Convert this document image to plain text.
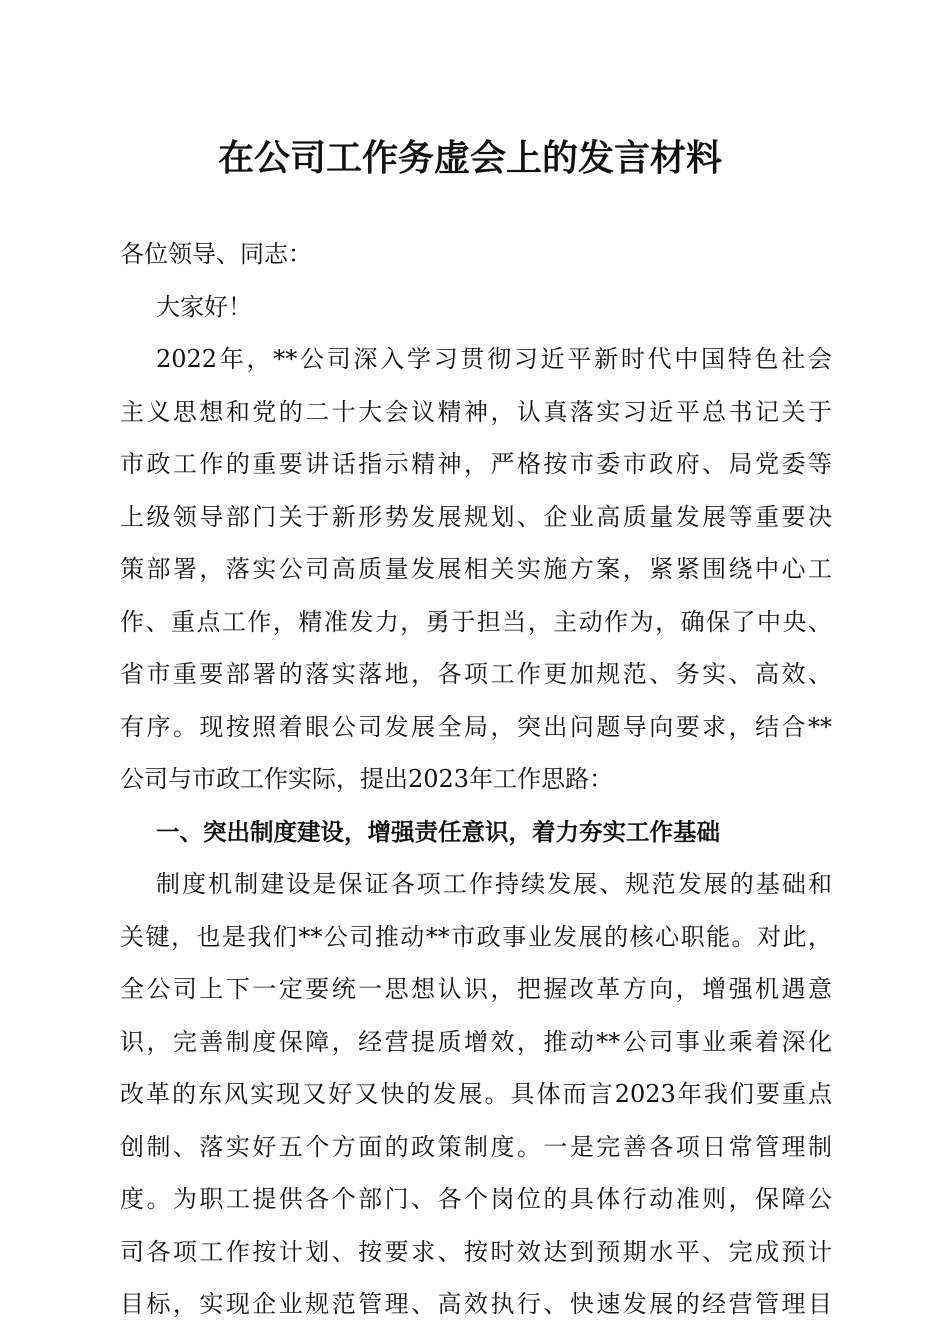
在公司工作务虚会上的发言材料
各位领导、同志：
大家好！
2022年，**公司深入学习贯彻习近平新时代中国特色社会
主义思想和党的二十大会议精神，认真落实习近平总书记关于
市政工作的重要讲话指示精神，严格按市委市政府、局党委等
上级领导部门关于新形势发展规划、企业高质量发展等重要决
策部署，落实公司高质量发展相关实施方案，紧紧围绕中心工
作、重点工作，精准发力，勇于担当，主动作为，确保了中央、
省市重要部署的落实落地，各项工作更加规范、务实、高效、
有序。现按照着眼公司发展全局，突出问题导向要求，结合**
公司与市政工作实际，提出2023年工作思路：
一、突出制度建设，增强责任意识，着力夯实工作基础
制度机制建设是保证各项工作持续发展、规范发展的基础和
关键，也是我们**公司推动**市政事业发展的核心职能。对此，
全公司上下一定要统一思想认识，把握改革方向，增强机遇意
识，完善制度保障，经营提质增效，推动**公司事业乘着深化
改革的东风实现又好又快的发展。具体而言2023年我们要重点
创制、落实好五个方面的政策制度。一是完善各项日常管理制
度。为职工提供各个部门、各个岗位的具体行动准则，保障公
司各项工作按计划、按要求、按时效达到预期水平、完成预计
目标，实现企业规范管理、高效执行、快速发展的经营管理目
